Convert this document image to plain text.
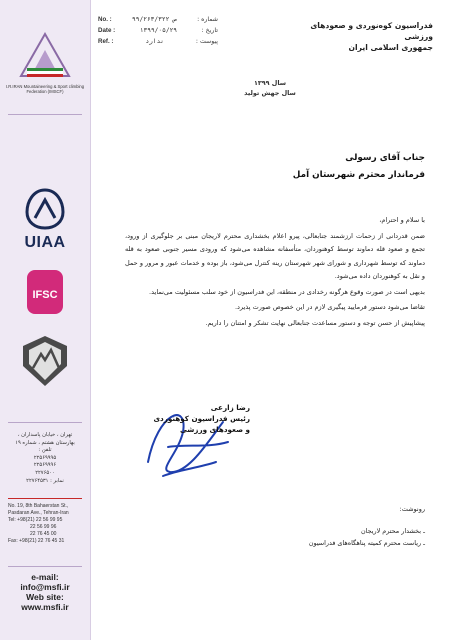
I.R.IRAN Mountaineering & Sport climbing Federation (IMSCF)
UIAA
IFSC
تهران ، خیابان پاسداران ،
بهارستان هشتم ، شماره ۱۹
تلفن :
۲۲۵۶۹۹۹۵
۲۲۵۶۹۹۹۶
۲۲۷۶۵۰۰
نمابر : ۲۲۷۶۴۵۳۱
No. 19, 8th Bahaerstan St.,
Pasdaran Ave., Tehran-Iran
Tel: +98(21) 22 56 99 95
22 56 99 96
22 76 45 00
Fax: +98(21) 22 76 45 31
e-mail:
info@msfi.ir
Web site:
www.msfi.ir
فدراسیون کوه‌نوردی و صعودهای ورزشی
جمهوری اسلامی ایران
No. :	۹۹/۲۶۳/ص ۳۲۲	شماره :
Date :	۱۳۹۹/۰۵/۲۹	تاریخ :
Ref. :	ندارد	پیوست :
سال ۱۳۹۹
سال جهش تولید
جناب آقای رسولی
فرماندار محترم شهرستان آمل

با سلام و احترام،

ضمن قدردانی از زحمات ارزشمند جنابعالی، پیرو اعلام بخشداری محترم لاریجان مبنی بر جلوگیری از ورود، تجمع و صعود قله دماوند توسط کوهنوردان، متأسفانه مشاهده می‌شود که ورودی مسیر جنوبی صعود به قله دماوند که توسط شهرداری و شورای شهر شهرستان رینه کنترل می‌شود، باز بوده و خدمات عبور و مرور و حمل و نقل به کوهنوردان داده می‌شود.

بدیهی است در صورت وقوع هرگونه رخدادی در منطقه، این فدراسیون از خود سلب مسئولیت می‌نماید.

تقاضا می‌شود دستور فرمایید پیگیری لازم در این خصوص صورت پذیرد.

پیشاپیش از حسن توجه و دستور مساعدت جنابعالی نهایت تشکر و امتنان را داریم.

رضا زارعی
رئیس فدراسیون کوهنوردی
و صعودهای ورزشی
رونوشت:
ـ بخشدار محترم لاریجان
ـ ریاست محترم کمیته پناهگاه‌های فدراسیون
